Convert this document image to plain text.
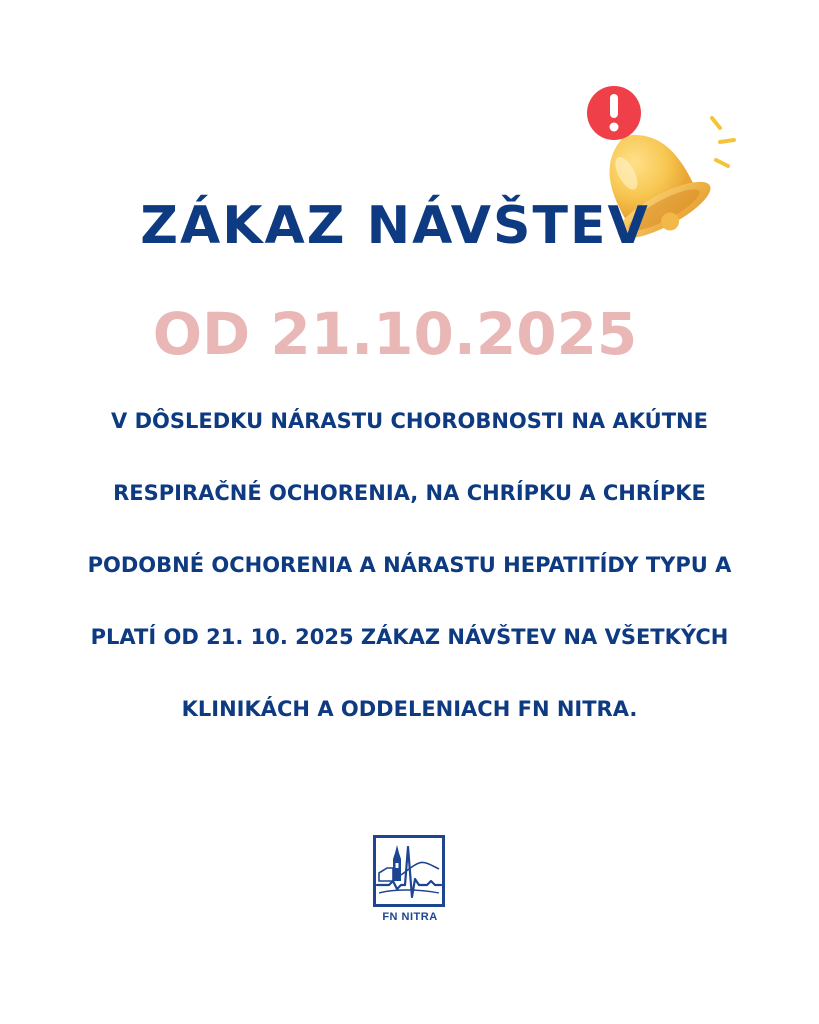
ZÁKAZ NÁVŠTEV
OD 21.10.2025
V DÔSLEDKU NÁRASTU CHOROBNOSTI NA AKÚTNE
RESPIRAČNÉ OCHORENIA, NA CHRÍPKU A CHRÍPKE
PODOBNÉ OCHORENIA A NÁRASTU HEPATITÍDY TYPU A
PLATÍ OD 21. 10. 2025 ZÁKAZ NÁVŠTEV NA VŠETKÝCH
KLINIKÁCH A ODDELENIACH FN NITRA.
FN NITRA
